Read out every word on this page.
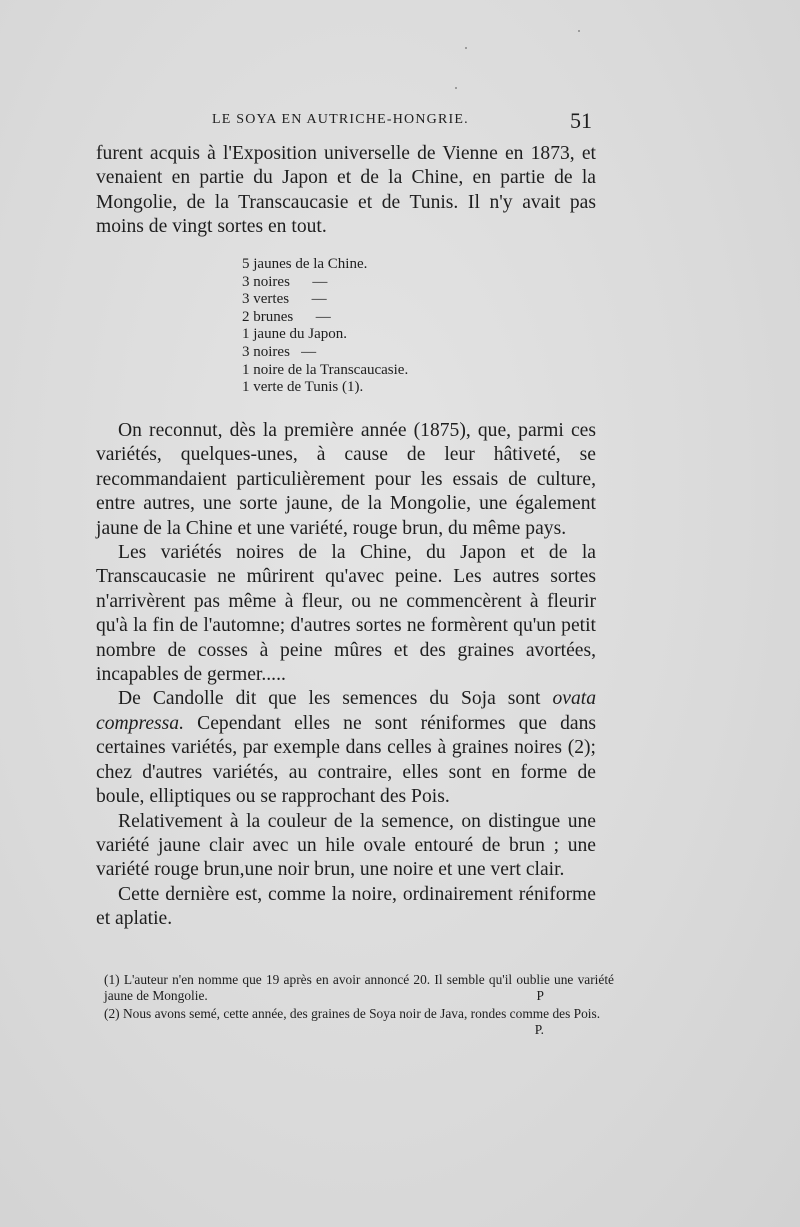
LE SOYA EN AUTRICHE-HONGRIE.	51

furent acquis à l'Exposition universelle de Vienne en 1873, et venaient en partie du Japon et de la Chine, en partie de la Mongolie, de la Transcaucasie et de Tunis. Il n'y avait pas moins de vingt sortes en tout.

5 jaunes de la Chine.
3 noires      —
3 vertes      —
2 brunes      —
1 jaune du Japon.
3 noires   —
1 noire de la Transcaucasie.
1 verte de Tunis (1).

On reconnut, dès la première année (1875), que, parmi ces variétés, quelques-unes, à cause de leur hâtiveté, se recommandaient particulièrement pour les essais de culture, entre autres, une sorte jaune, de la Mongolie, une également jaune de la Chine et une variété, rouge brun, du même pays.

Les variétés noires de la Chine, du Japon et de la Transcaucasie ne mûrirent qu'avec peine. Les autres sortes n'arrivèrent pas même à fleur, ou ne commencèrent à fleurir qu'à la fin de l'automne; d'autres sortes ne formèrent qu'un petit nombre de cosses à peine mûres et des graines avortées, incapables de germer.....

De Candolle dit que les semences du Soja sont ovata compressa. Cependant elles ne sont réniformes que dans certaines variétés, par exemple dans celles à graines noires (2); chez d'autres variétés, au contraire, elles sont en forme de boule, elliptiques ou se rapprochant des Pois.

Relativement à la couleur de la semence, on distingue une variété jaune clair avec un hile ovale entouré de brun ; une variété rouge brun,une noir brun, une noire et une vert clair.

Cette dernière est, comme la noire, ordinairement réniforme et aplatie.

(1) L'auteur n'en nomme que 19 après en avoir annoncé 20. Il semble qu'il oublie une variété jaune de Mongolie.	P
(2) Nous avons semé, cette année, des graines de Soya noir de Java, rondes comme des Pois.
P.
